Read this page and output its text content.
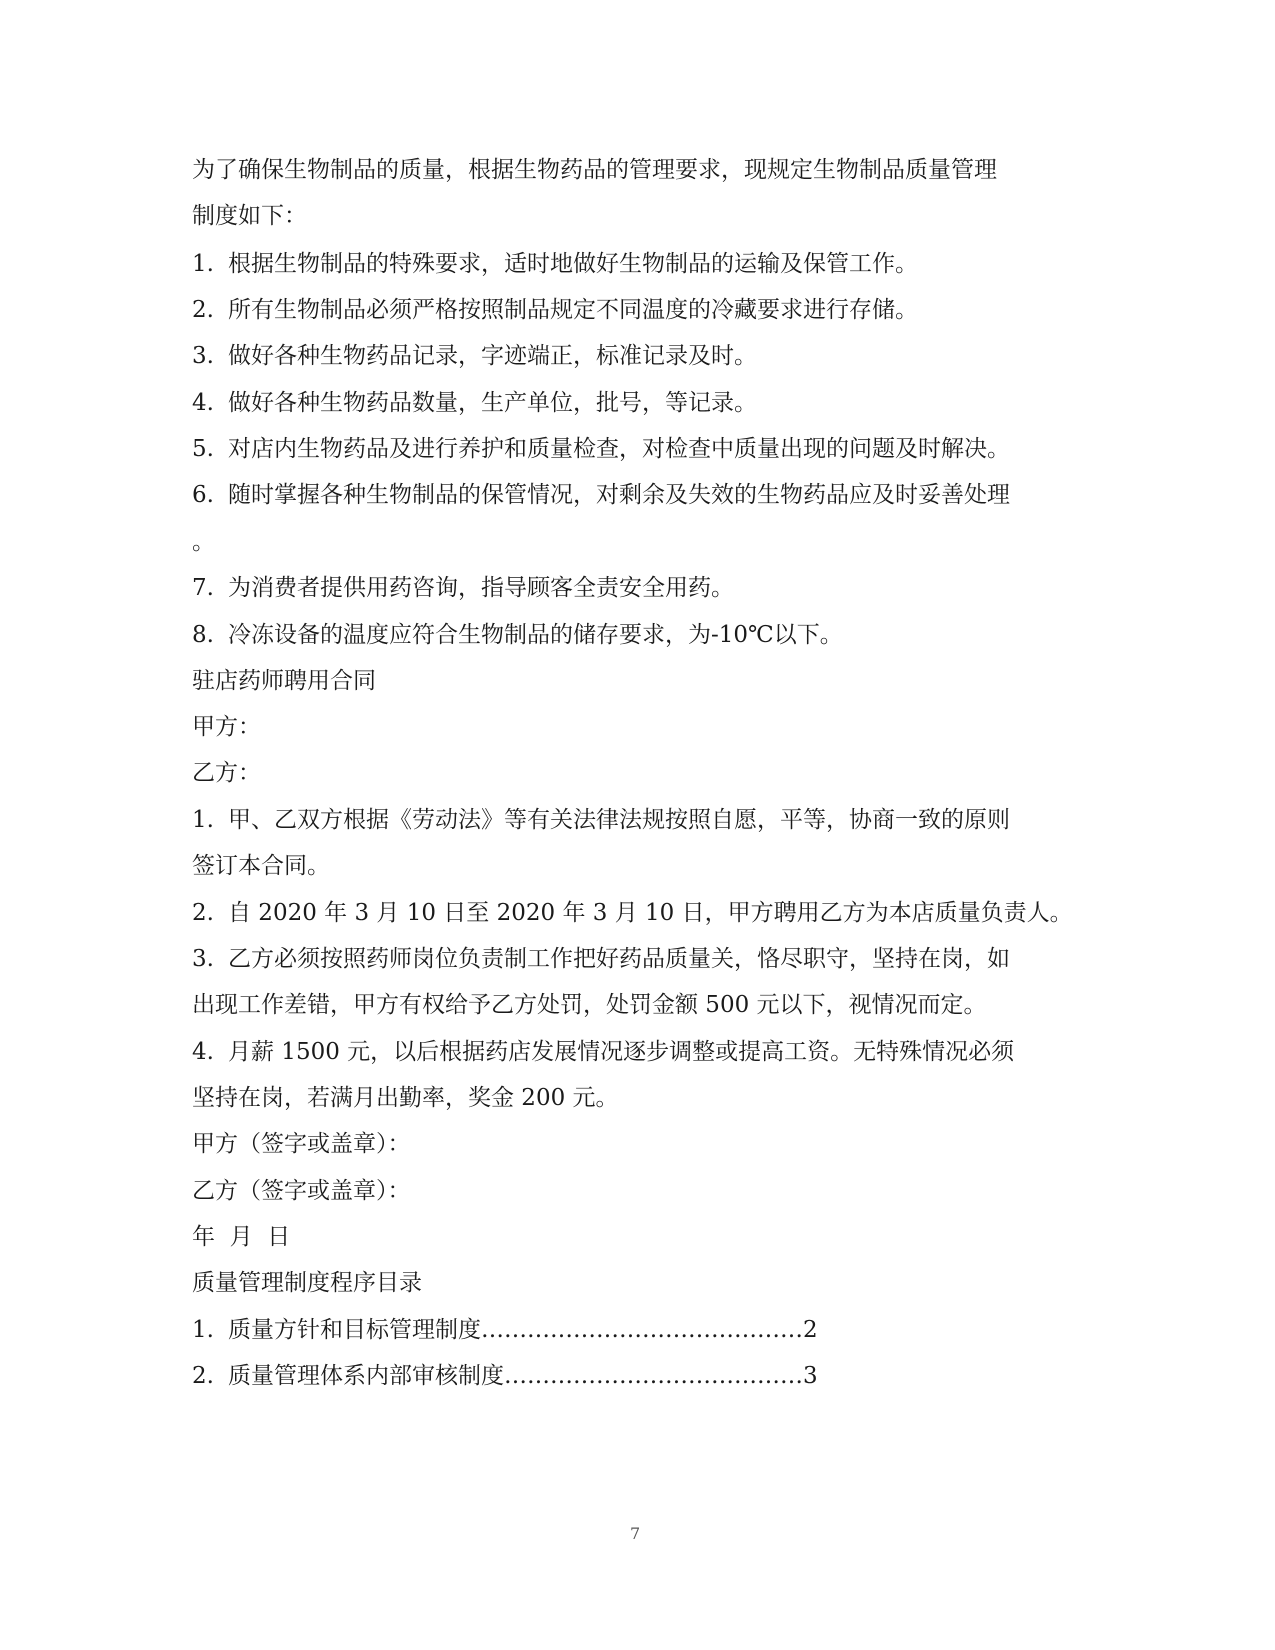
为了确保生物制品的质量，根据生物药品的管理要求，现规定生物制品质量管理
制度如下：
1. 根据生物制品的特殊要求，适时地做好生物制品的运输及保管工作。
2. 所有生物制品必须严格按照制品规定不同温度的冷藏要求进行存储。
3. 做好各种生物药品记录，字迹端正，标准记录及时。
4. 做好各种生物药品数量，生产单位，批号，等记录。
5. 对店内生物药品及进行养护和质量检查，对检查中质量出现的问题及时解决。
6. 随时掌握各种生物制品的保管情况，对剩余及失效的生物药品应及时妥善处理
。
7. 为消费者提供用药咨询，指导顾客全责安全用药。
8. 冷冻设备的温度应符合生物制品的储存要求，为-10℃以下。
驻店药师聘用合同
甲方：
乙方：
1. 甲、乙双方根据《劳动法》等有关法律法规按照自愿，平等，协商一致的原则
签订本合同。
2. 自 2020 年 3 月 10 日至 2020 年 3 月 10 日，甲方聘用乙方为本店质量负责人。
3. 乙方必须按照药师岗位负责制工作把好药品质量关，恪尽职守，坚持在岗，如
出现工作差错，甲方有权给予乙方处罚，处罚金额 500 元以下，视情况而定。
4. 月薪 1500 元，以后根据药店发展情况逐步调整或提高工资。无特殊情况必须
坚持在岗，若满月出勤率，奖金 200 元。
甲方（签字或盖章）：
乙方（签字或盖章）：
年  月  日
质量管理制度程序目录
1. 质量方针和目标管理制度……………………………………2
2. 质量管理体系内部审核制度…………………………………3
7
